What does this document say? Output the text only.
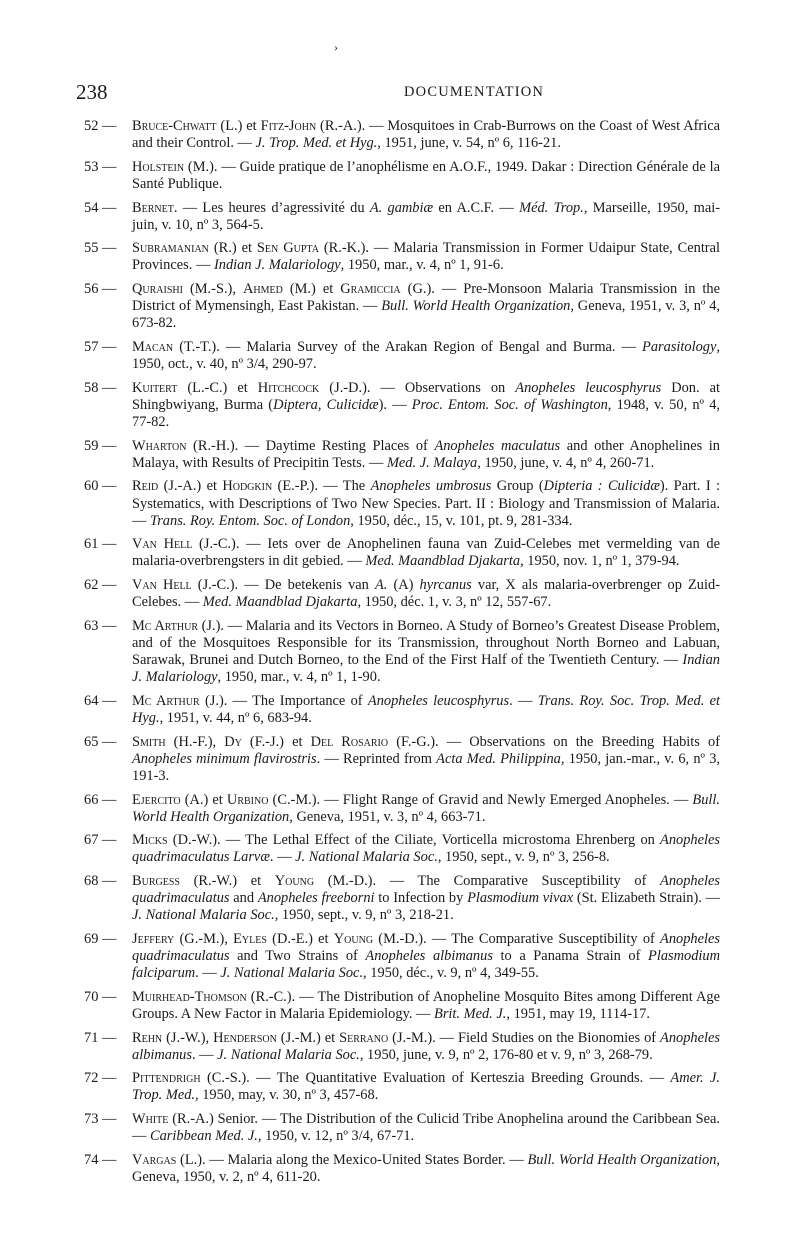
›
238	DOCUMENTATION
52 —	Bruce-Chwatt (L.) et Fitz-John (R.-A.). — Mosquitoes in Crab-Burrows on the Coast of West Africa and their Control. — J. Trop. Med. et Hyg., 1951, june, v. 54, nº 6, 116-21.
53 —	Holstein (M.). — Guide pratique de l’anophélisme en A.O.F., 1949. Dakar : Direction Générale de la Santé Publique.
54 —	Bernet. — Les heures d’agressivité du A. gambiæ en A.C.F. — Méd. Trop., Marseille, 1950, mai-juin, v. 10, nº 3, 564-5.
55 —	Subramanian (R.) et Sen Gupta (R.-K.). — Malaria Transmission in Former Udaipur State, Central Provinces. — Indian J. Malariology, 1950, mar., v. 4, nº 1, 91-6.
56 —	Quraishi (M.-S.), Ahmed (M.) et Gramiccia (G.). — Pre-Monsoon Malaria Transmission in the District of Mymensingh, East Pakistan. — Bull. World Health Organization, Geneva, 1951, v. 3, nº 4, 673-82.
57 —	Macan (T.-T.). — Malaria Survey of the Arakan Region of Bengal and Burma. — Parasitology, 1950, oct., v. 40, nº 3/4, 290-97.
58 —	Kuitert (L.-C.) et Hitchcock (J.-D.). — Observations on Anopheles leucosphyrus Don. at Shingbwiyang, Burma (Diptera, Culicidæ). — Proc. Entom. Soc. of Washington, 1948, v. 50, nº 4, 77-82.
59 —	Wharton (R.-H.). — Daytime Resting Places of Anopheles maculatus and other Anophelines in Malaya, with Results of Precipitin Tests. — Med. J. Malaya, 1950, june, v. 4, nº 4, 260-71.
60 —	Reid (J.-A.) et Hodgkin (E.-P.). — The Anopheles umbrosus Group (Dipteria : Culicidæ). Part. I : Systematics, with Descriptions of Two New Species. Part. II : Biology and Transmission of Malaria. — Trans. Roy. Entom. Soc. of London, 1950, déc., 15, v. 101, pt. 9, 281-334.
61 —	Van Hell (J.-C.). — Iets over de Anophelinen fauna van Zuid-Celebes met vermelding van de malaria-overbrengsters in dit gebied. — Med. Maandblad Djakarta, 1950, nov. 1, nº 1, 379-94.
62 —	Van Hell (J.-C.). — De betekenis van A. (A) hyrcanus var, X als malaria-overbrenger op Zuid-Celebes. — Med. Maandblad Djakarta, 1950, déc. 1, v. 3, nº 12, 557-67.
63 —	Mc Arthur (J.). — Malaria and its Vectors in Borneo. A Study of Borneo’s Greatest Disease Problem, and of the Mosquitoes Responsible for its Transmission, throughout North Borneo and Labuan, Sarawak, Brunei and Dutch Borneo, to the End of the First Half of the Twentieth Century. — Indian J. Malariology, 1950, mar., v. 4, nº 1, 1-90.
64 —	Mc Arthur (J.). — The Importance of Anopheles leucosphyrus. — Trans. Roy. Soc. Trop. Med. et Hyg., 1951, v. 44, nº 6, 683-94.
65 —	Smith (H.-F.), Dy (F.-J.) et Del Rosario (F.-G.). — Observations on the Breeding Habits of Anopheles minimum flavirostris. — Reprinted from Acta Med. Philippina, 1950, jan.-mar., v. 6, nº 3, 191-3.
66 —	Ejercito (A.) et Urbino (C.-M.). — Flight Range of Gravid and Newly Emerged Anopheles. — Bull. World Health Organization, Geneva, 1951, v. 3, nº 4, 663-71.
67 —	Micks (D.-W.). — The Lethal Effect of the Ciliate, Vorticella microstoma Ehrenberg on Anopheles quadrimaculatus Larvæ. — J. National Malaria Soc., 1950, sept., v. 9, nº 3, 256-8.
68 —	Burgess (R.-W.) et Young (M.-D.). — The Comparative Susceptibility of Anopheles quadrimaculatus and Anopheles freeborni to Infection by Plasmodium vivax (St. Elizabeth Strain). — J. National Malaria Soc., 1950, sept., v. 9, nº 3, 218-21.
69 —	Jeffery (G.-M.), Eyles (D.-E.) et Young (M.-D.). — The Comparative Susceptibility of Anopheles quadrimaculatus and Two Strains of Anopheles albimanus to a Panama Strain of Plasmodium falciparum. — J. National Malaria Soc., 1950, déc., v. 9, nº 4, 349-55.
70 —	Muirhead-Thomson (R.-C.). — The Distribution of Anopheline Mosquito Bites among Different Age Groups. A New Factor in Malaria Epidemiology. — Brit. Med. J., 1951, may 19, 1114-17.
71 —	Rehn (J.-W.), Henderson (J.-M.) et Serrano (J.-M.). — Field Studies on the Bionomies of Anopheles albimanus. — J. National Malaria Soc., 1950, june, v. 9, nº 2, 176-80 et v. 9, nº 3, 268-79.
72 —	Pittendrigh (C.-S.). — The Quantitative Evaluation of Kerteszia Breeding Grounds. — Amer. J. Trop. Med., 1950, may, v. 30, nº 3, 457-68.
73 —	White (R.-A.) Senior. — The Distribution of the Culicid Tribe Anophelina around the Caribbean Sea. — Caribbean Med. J., 1950, v. 12, nº 3/4, 67-71.
74 —	Vargas (L.). — Malaria along the Mexico-United States Border. — Bull. World Health Organization, Geneva, 1950, v. 2, nº 4, 611-20.
